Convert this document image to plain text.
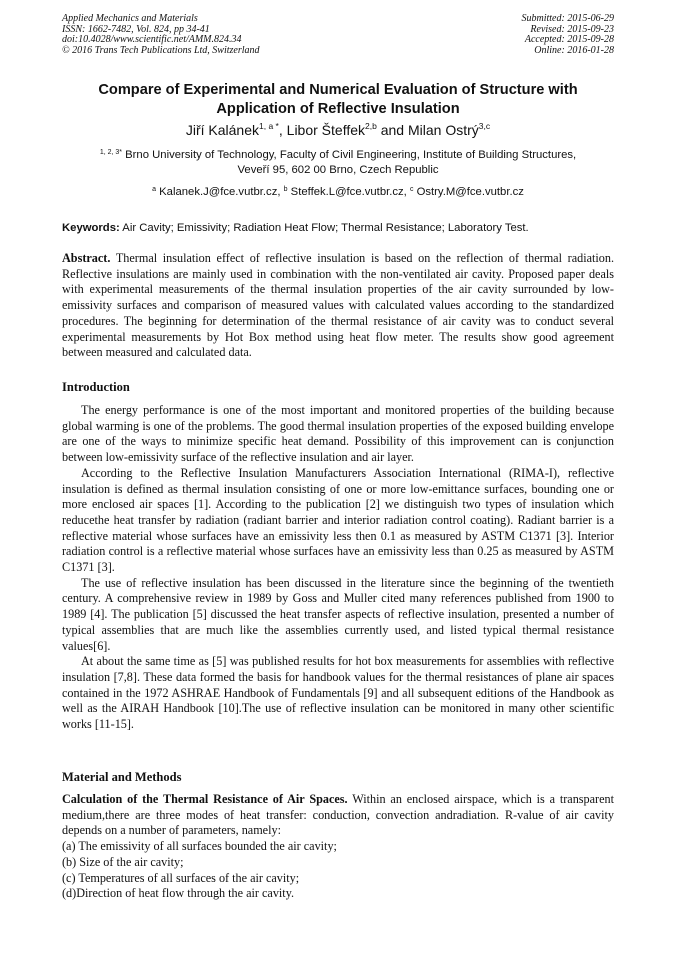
Applied Mechanics and Materials
ISSN: 1662-7482, Vol. 824, pp 34-41
doi:10.4028/www.scientific.net/AMM.824.34
© 2016 Trans Tech Publications Ltd, Switzerland
Submitted: 2015-06-29
Revised: 2015-09-23
Accepted: 2015-09-28
Online: 2016-01-28
Compare of Experimental and Numerical Evaluation of Structure with
Application of Reflective Insulation
Jiří Kalánek$^{1, a *}$, Libor Šteffek$^{2,b}$ and Milan Ostrý$^{3,c}$
$^{1, 2, 3*}$ Brno University of Technology, Faculty of Civil Engineering, Institute of Building Structures,
Veveří 95, 602 00 Brno, Czech Republic
$^a$ Kalanek.J@fce.vutbr.cz, $^b$ Steffek.L@fce.vutbr.cz, $^c$ Ostry.M@fce.vutbr.cz
Keywords: Air Cavity; Emissivity; Radiation Heat Flow; Thermal Resistance; Laboratory Test.

Abstract. Thermal insulation effect of reflective insulation is based on the reflection of thermal radiation. Reflective insulations are mainly used in combination with the non-ventilated air cavity. Proposed paper deals with experimental measurements of the thermal insulation properties of the air cavity surrounded by low-emissivity surfaces and comparison of measured values with calculated values according to the standardized procedures. The beginning for determination of the thermal resistance of air cavity was to conduct several experimental measurements by Hot Box method using heat flow meter. The results show good agreement between measured and calculated data.

Introduction

The energy performance is one of the most important and monitored properties of the building because global warming is one of the problems. The good thermal insulation properties of the exposed building envelope are one of the ways to minimize specific heat demand. Possibility of this improvement can is conjunction between low-emissivity surface of the reflective insulation and air layer.

According to the Reflective Insulation Manufacturers Association International (RIMA-I), reflective insulation is defined as thermal insulation consisting of one or more low-emittance surfaces, bounding one or more enclosed air spaces [1]. According to the publication [2] we distinguish two types of insulation which reducethe heat transfer by radiation (radiant barrier and interior radiation control coating). Radiant barrier is a reflective material whose surfaces have an emissivity less then 0.1 as measured by ASTM C1371 [3]. Interior radiation control is a reflective material whose surfaces have an emissivity less than 0.25 as measured by ASTM C1371 [3].

The use of reflective insulation has been discussed in the literature since the beginning of the twentieth century. A comprehensive review in 1989 by Goss and Muller cited many references published from 1900 to 1989 [4]. The publication [5] discussed the heat transfer aspects of reflective insulation, presented a number of typical assemblies that are much like the assemblies currently used, and listed typical thermal resistance values[6].

At about the same time as [5] was published results for hot box measurements for assemblies with reflective insulation [7,8]. These data formed the basis for handbook values for the thermal resistances of plane air spaces contained in the 1972 ASHRAE Handbook of Fundamentals [9] and all subsequent editions of the Handbook as well as the AIRAH Handbook [10].The use of reflective insulation can be monitored in many other scientific works [11-15].

Material and Methods

Calculation of the Thermal Resistance of Air Spaces. Within an enclosed airspace, which is a transparent medium,there are three modes of heat transfer: conduction, convection andradiation. R-value of air cavity depends on a number of parameters, namely:

(a) The emissivity of all surfaces bounded the air cavity;

(b) Size of the air cavity;

(c) Temperatures of all surfaces of the air cavity;

(d)Direction of heat flow through the air cavity.
